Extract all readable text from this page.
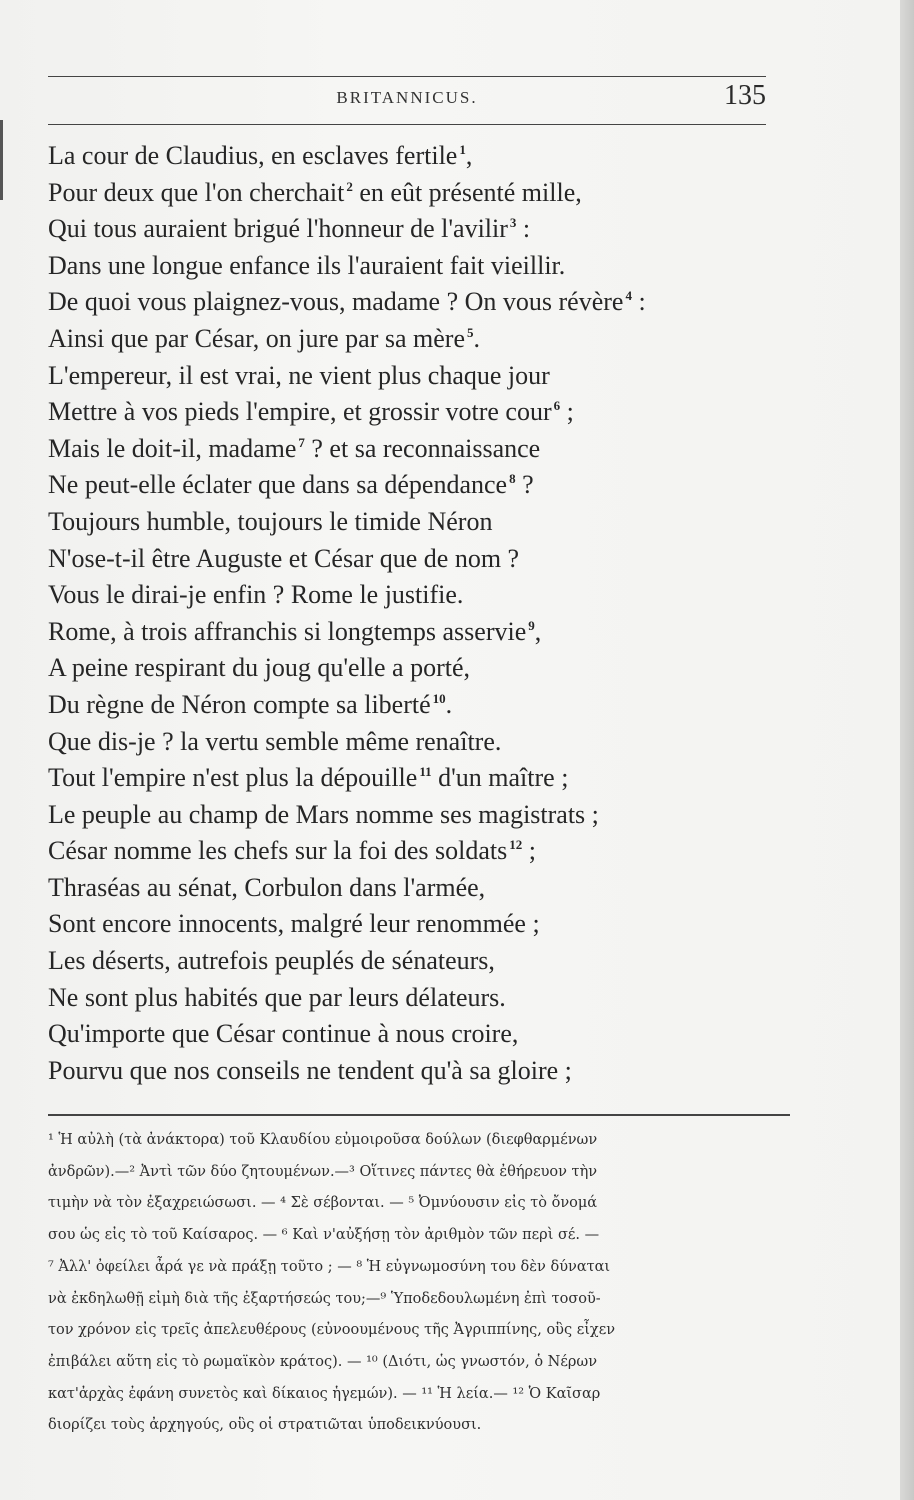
BRITANNICUS.	135
La cour de Claudius, en esclaves fertile $^1$,
Pour deux que l'on cherchait $^2$ en eût présenté mille,
Qui tous auraient brigué l'honneur de l'avilir $^3$ :
Dans une longue enfance ils l'auraient fait vieillir.
De quoi vous plaignez-vous, madame ? On vous révère $^4$ :
Ainsi que par César, on jure par sa mère $^5$.
L'empereur, il est vrai, ne vient plus chaque jour
Mettre à vos pieds l'empire, et grossir votre cour $^6$ ;
Mais le doit-il, madame $^7$ ? et sa reconnaissance
Ne peut-elle éclater que dans sa dépendance $^8$ ?
Toujours humble, toujours le timide Néron
N'ose-t-il être Auguste et César que de nom ?
Vous le dirai-je enfin ? Rome le justifie.
Rome, à trois affranchis si longtemps asservie $^9$,
A peine respirant du joug qu'elle a porté,
Du règne de Néron compte sa liberté $^{10}$.
Que dis-je ? la vertu semble même renaître.
Tout l'empire n'est plus la dépouille $^{11}$ d'un maître ;
Le peuple au champ de Mars nomme ses magistrats ;
César nomme les chefs sur la foi des soldats $^{12}$ ;
Thraséas au sénat, Corbulon dans l'armée,
Sont encore innocents, malgré leur renommée ;
Les déserts, autrefois peuplés de sénateurs,
Ne sont plus habités que par leurs délateurs.
Qu'importe que César continue à nous croire,
Pourvu que nos conseils ne tendent qu'à sa gloire ;
¹ Ἡ αὐλὴ (τὰ ἀνάκτορα) τοῦ Κλαυδίου εὐμοιροῦσα δούλων (διεφθαρμένων
ἀνδρῶν).—² Ἀντὶ τῶν δύο ζητουμένων.—³ Οἵτινες πάντες θὰ ἐθήρευον τὴν
τιμὴν νὰ τὸν ἐξαχρειώσωσι. — ⁴ Σὲ σέβονται. — ⁵ Ὀμνύουσιν εἰς τὸ ὄνομά
σου ὡς εἰς τὸ τοῦ Καίσαρος. — ⁶ Καὶ ν'αὐξήσῃ τὸν ἀριθμὸν τῶν περὶ σέ. —
⁷ Ἀλλ' ὀφείλει ἆρά γε νὰ πράξῃ τοῦτο ; — ⁸ Ἡ εὐγνωμοσύνη του δὲν δύναται
νὰ ἐκδηλωθῇ εἰμὴ διὰ τῆς ἐξαρτήσεώς του;—⁹ Ὑποδεδουλωμένη ἐπὶ τοσοῦ-
τον χρόνον εἰς τρεῖς ἀπελευθέρους (εὐνοουμένους τῆς Ἀγριππίνης, οὓς εἶχεν
ἐπιβάλει αὕτη εἰς τὸ ρωμαϊκὸν κράτος). — ¹⁰ (Διότι, ὡς γνωστόν, ὁ Νέρων
κατ'ἀρχὰς ἐφάνη συνετὸς καὶ δίκαιος ἡγεμών). — ¹¹ Ἡ λεία.— ¹² Ὁ Καῖσαρ
διορίζει τοὺς ἀρχηγούς, οὓς οἱ στρατιῶται ὑποδεικνύουσι.
